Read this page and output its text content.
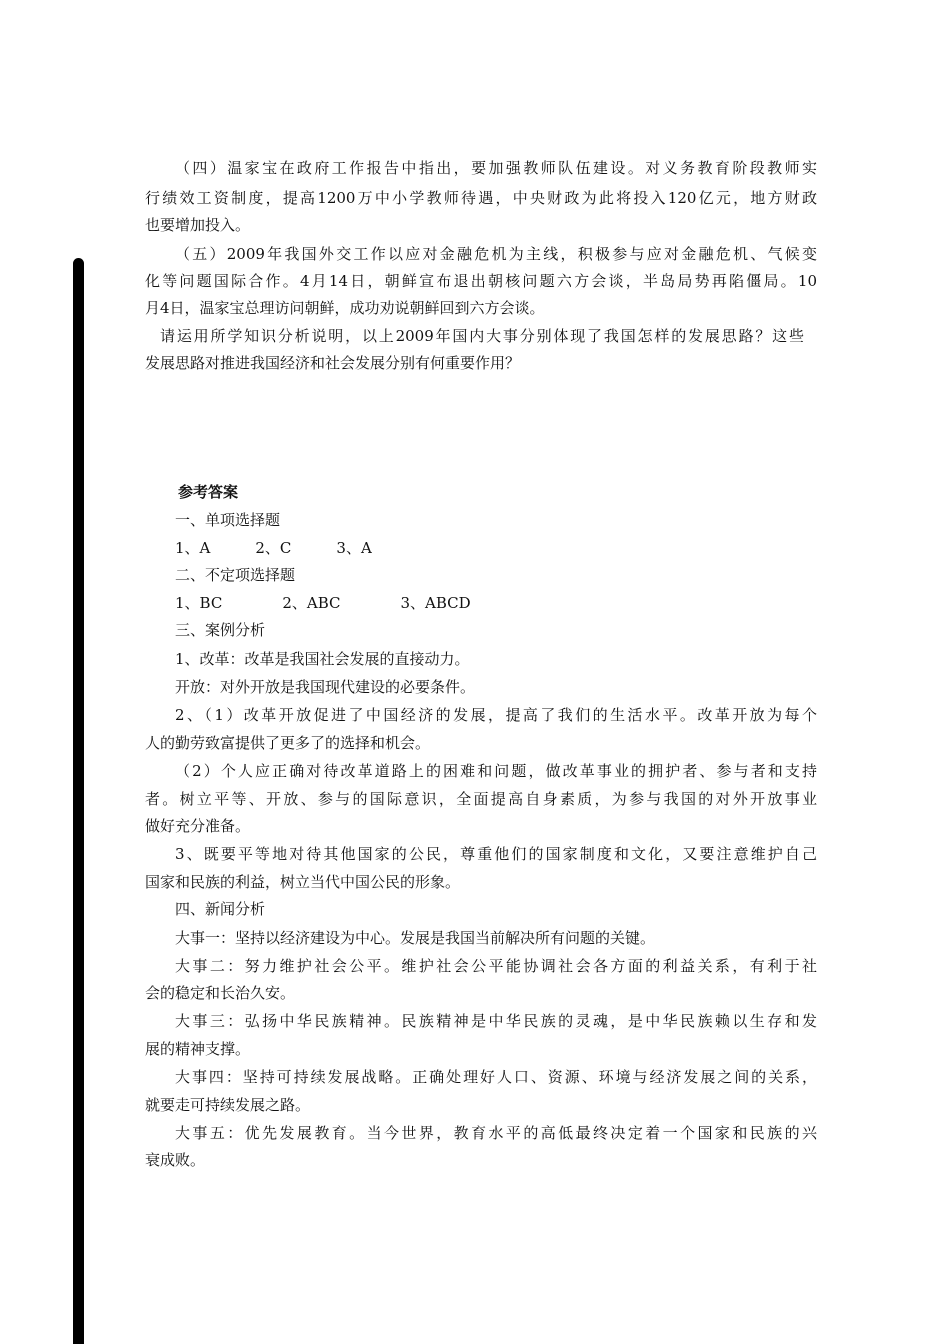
（四）温家宝在政府工作报告中指出，要加强教师队伍建设。对义务教育阶段教师实
行绩效工资制度，提高1200万中小学教师待遇，中央财政为此将投入120亿元，地方财政
也要增加投入。
（五）2009年我国外交工作以应对金融危机为主线，积极参与应对金融危机、气候变
化等问题国际合作。4月14日，朝鲜宣布退出朝核问题六方会谈，半岛局势再陷僵局。10
月4日，温家宝总理访问朝鲜，成功劝说朝鲜回到六方会谈。
请运用所学知识分析说明，以上2009年国内大事分别体现了我国怎样的发展思路？这些
发展思路对推进我国经济和社会发展分别有何重要作用？
参考答案
一、单项选择题
1、A　　　2、C　　　3、A
二、不定项选择题
1、BC　　　　2、ABC　　　　3、ABCD
三、案例分析
1、改革：改革是我国社会发展的直接动力。
开放：对外开放是我国现代建设的必要条件。
2、（1）改革开放促进了中国经济的发展，提高了我们的生活水平。改革开放为每个
人的勤劳致富提供了更多了的选择和机会。
（2）个人应正确对待改革道路上的困难和问题，做改革事业的拥护者、参与者和支持
者。树立平等、开放、参与的国际意识，全面提高自身素质，为参与我国的对外开放事业
做好充分准备。
3、既要平等地对待其他国家的公民，尊重他们的国家制度和文化，又要注意维护自己
国家和民族的利益，树立当代中国公民的形象。
四、新闻分析
大事一：坚持以经济建设为中心。发展是我国当前解决所有问题的关键。
大事二：努力维护社会公平。维护社会公平能协调社会各方面的利益关系，有利于社
会的稳定和长治久安。
大事三：弘扬中华民族精神。民族精神是中华民族的灵魂，是中华民族赖以生存和发
展的精神支撑。
大事四：坚持可持续发展战略。正确处理好人口、资源、环境与经济发展之间的关系，
就要走可持续发展之路。
大事五：优先发展教育。当今世界，教育水平的高低最终决定着一个国家和民族的兴
衰成败。
